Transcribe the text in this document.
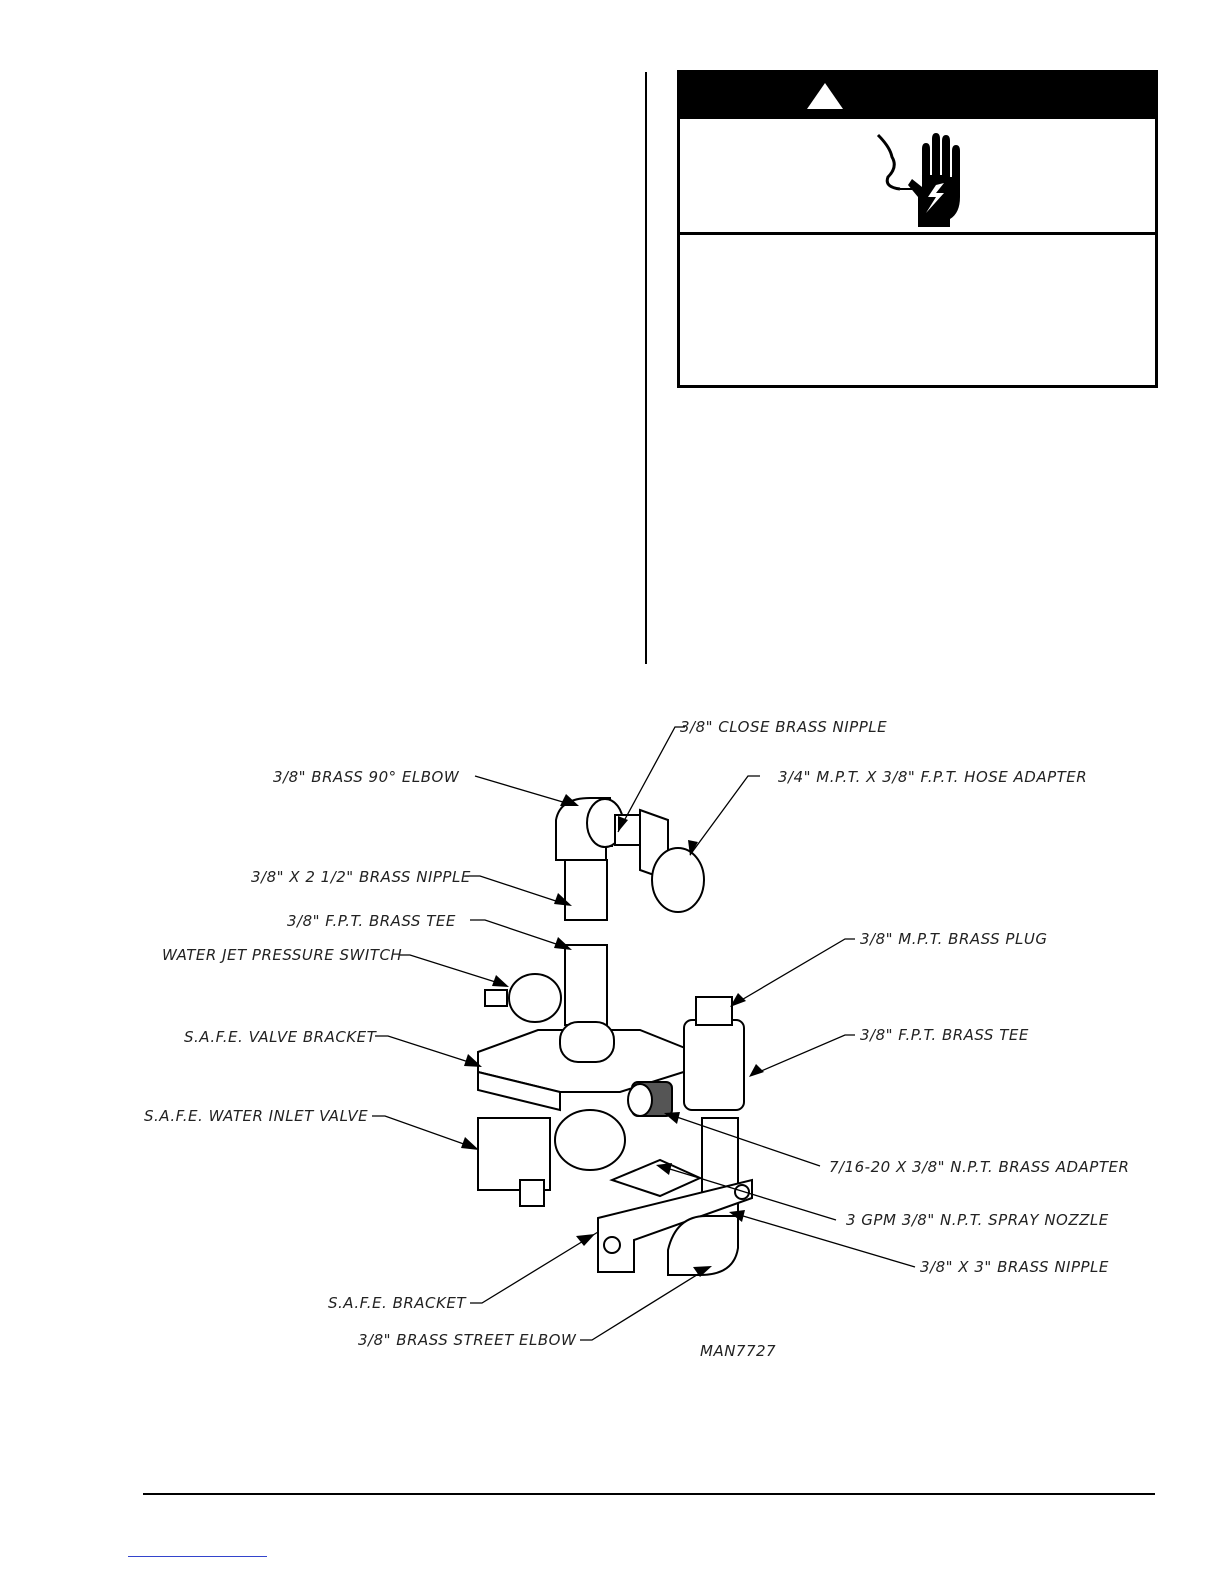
3/8" CLOSE BRASS NIPPLE
3/8" BRASS 90° ELBOW	3/4" M.P.T. X 3/8" F.P.T. HOSE ADAPTER
3/8" X 2 1/2" BRASS NIPPLE
3/8" F.P.T. BRASS TEE
WATER JET PRESSURE SWITCH
3/8" M.P.T. BRASS PLUG
S.A.F.E. VALVE BRACKET	3/8" F.P.T. BRASS TEE
S.A.F.E. WATER INLET VALVE
7/16-20 X 3/8" N.P.T. BRASS ADAPTER
3 GPM 3/8" N.P.T. SPRAY NOZZLE
3/8" X 3" BRASS NIPPLE
S.A.F.E. BRACKET
3/8" BRASS STREET ELBOW
MAN7727
